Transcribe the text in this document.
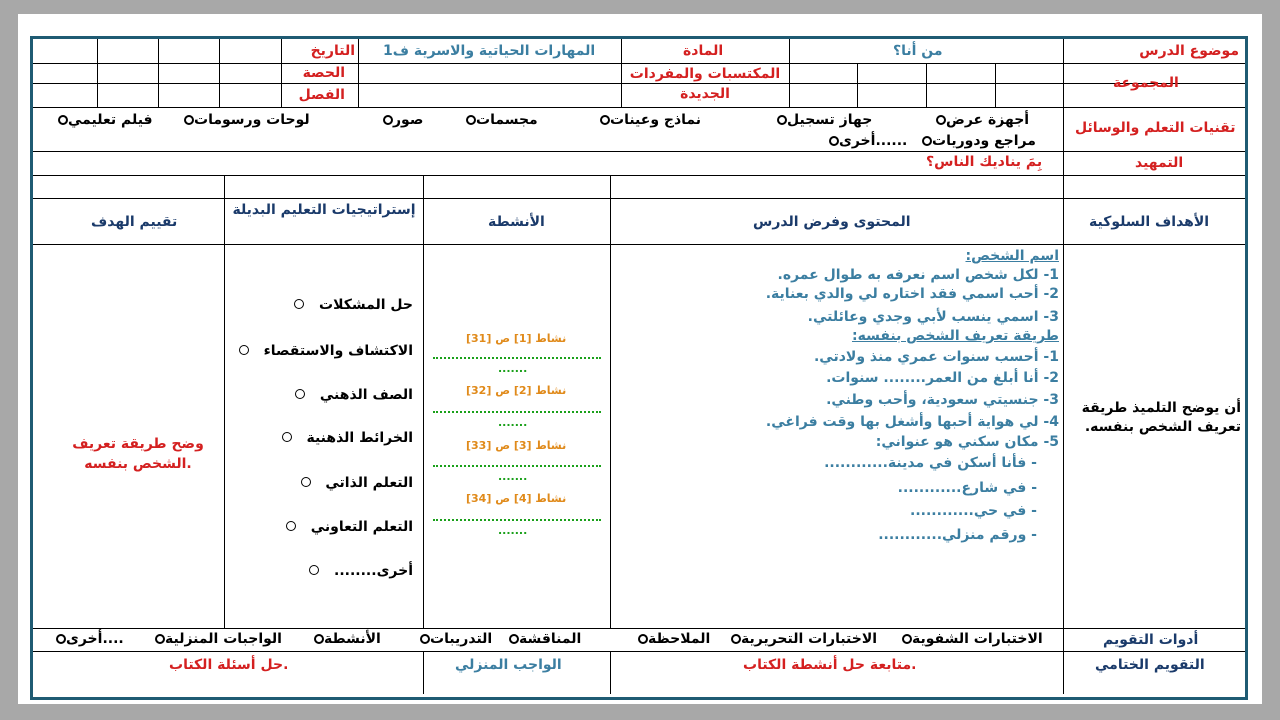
موضوع الدرس
من أنا؟
المادة
المهارات الحياتية والاسرية ف1
التاريخ
الحصة
الفصل
المكتسبات والمفردات الجديدة
المجموعة
تقنيات التعلم والوسائل
أجهزة عرض
جهاز تسجيل
نماذج وعينات
مجسمات
صور
لوحات ورسومات
فيلم تعليمي
مراجع ودوريات
أخرى......
التمهيد
بِمَ يناديك الناس؟
الأهداف السلوكية
المحتوى وفرض الدرس
الأنشطة
إستراتيجيات التعليم البديلة
تقييم الهدف
أن يوضح التلميذ طريقة تعريف الشخص بنفسه.
اسم الشخص:
1- لكل شخص اسم نعرفه به طوال عمره.
2- أحب اسمي فقد اختاره لي والدي بعناية.
3- اسمي ينسب لأبي وجدي وعائلتي.
طريقة تعريف الشخص بنفسه:
1- أحسب سنوات عمري منذ ولادتي.
2- أنا أبلغ من العمر........ سنوات.
3- جنسيتي سعودية، وأحب وطني.
4- لي هواية أحبها وأشغل بها وقت فراغي.
5- مكان سكني هو عنواني:
- فأنا أسكن في مدينة............
- في شارع............
- في حي............
- ورقم منزلي............
نشاط [1] ص [31]
.......
نشاط [2] ص [32]
.......
نشاط [3] ص [33]
.......
نشاط [4] ص [34]
.......
حل المشكلات
الاكتشاف والاستقصاء
الصف الذهني
الخرائط الذهنية
التعلم الذاتي
التعلم التعاوني
أخرى........
وضح طريقة تعريف الشخص بنفسه.
أدوات التقويم
الاختبارات الشفوية
الاختبارات التحريرية
الملاحظة
المناقشة
التدريبات
الأنشطة
الواجبات المنزلية
أخرى....
التقويم الختامي
متابعة حل أنشطة الكتاب.
الواجب المنزلي
حل أسئلة الكتاب.
